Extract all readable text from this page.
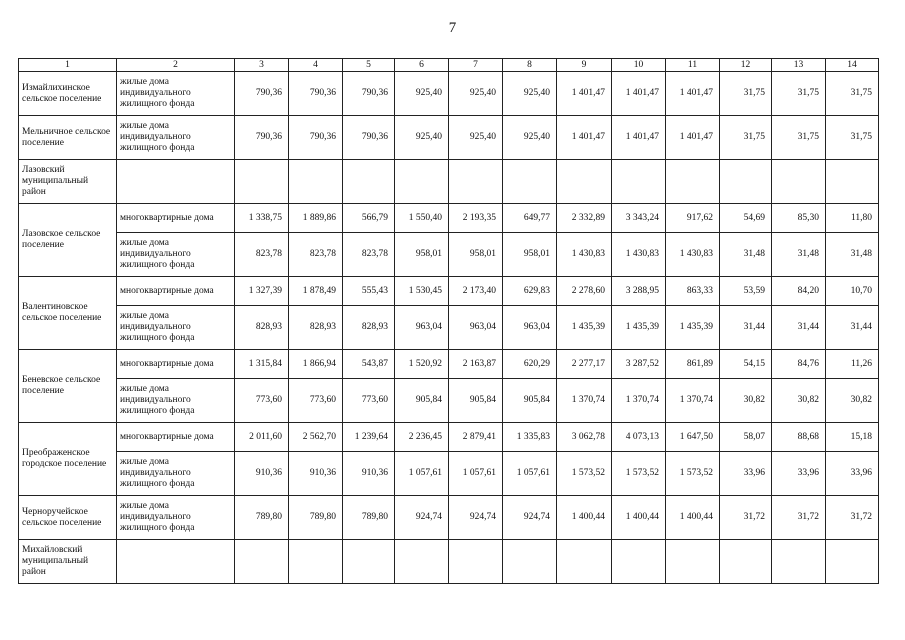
7
1	2	3	4	5	6	7	8	9	10	11	12	13	14
Измайлихинское сельское поселение	жилые дома индивидуального жилищного фонда	790,36	790,36	790,36	925,40	925,40	925,40	1 401,47	1 401,47	1 401,47	31,75	31,75	31,75
Мельничное сельское поселение	жилые дома индивидуального жилищного фонда	790,36	790,36	790,36	925,40	925,40	925,40	1 401,47	1 401,47	1 401,47	31,75	31,75	31,75
Лазовский муниципальный район													
Лазовское сельское поселение	многоквартирные дома	1 338,75	1 889,86	566,79	1 550,40	2 193,35	649,77	2 332,89	3 343,24	917,62	54,69	85,30	11,80
	жилые дома индивидуального жилищного фонда	823,78	823,78	823,78	958,01	958,01	958,01	1 430,83	1 430,83	1 430,83	31,48	31,48	31,48
Валентиновское сельское поселение	многоквартирные дома	1 327,39	1 878,49	555,43	1 530,45	2 173,40	629,83	2 278,60	3 288,95	863,33	53,59	84,20	10,70
	жилые дома индивидуального жилищного фонда	828,93	828,93	828,93	963,04	963,04	963,04	1 435,39	1 435,39	1 435,39	31,44	31,44	31,44
Беневское сельское поселение	многоквартирные дома	1 315,84	1 866,94	543,87	1 520,92	2 163,87	620,29	2 277,17	3 287,52	861,89	54,15	84,76	11,26
	жилые дома индивидуального жилищного фонда	773,60	773,60	773,60	905,84	905,84	905,84	1 370,74	1 370,74	1 370,74	30,82	30,82	30,82
Преображенское городское поселение	многоквартирные дома	2 011,60	2 562,70	1 239,64	2 236,45	2 879,41	1 335,83	3 062,78	4 073,13	1 647,50	58,07	88,68	15,18
	жилые дома индивидуального жилищного фонда	910,36	910,36	910,36	1 057,61	1 057,61	1 057,61	1 573,52	1 573,52	1 573,52	33,96	33,96	33,96
Черноручейское сельское поселение	жилые дома индивидуального жилищного фонда	789,80	789,80	789,80	924,74	924,74	924,74	1 400,44	1 400,44	1 400,44	31,72	31,72	31,72
Михайловский муниципальный район													
